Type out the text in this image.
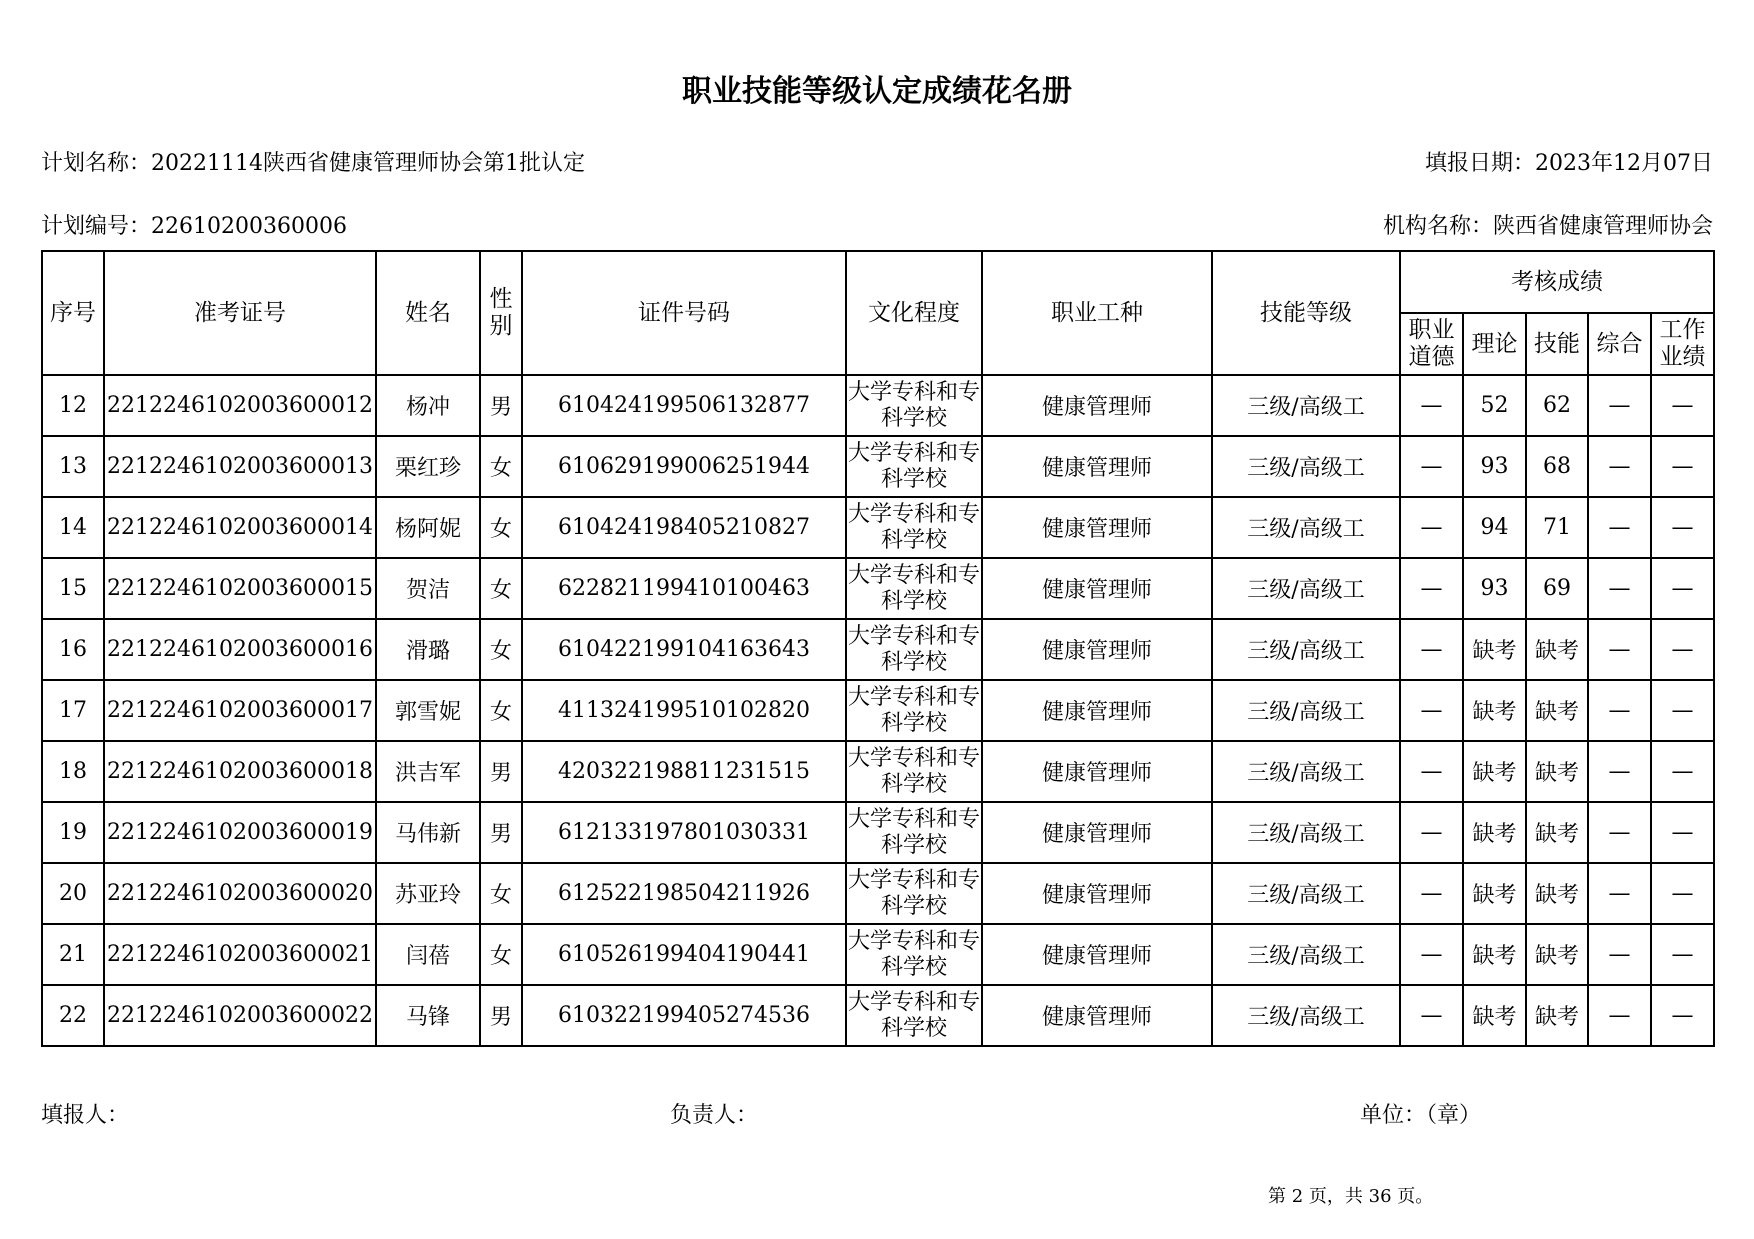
职业技能等级认定成绩花名册
计划名称：20221114陕西省健康管理师协会第1批认定	填报日期：2023年12月07日
计划编号：22610200360006	机构名称：陕西省健康管理师协会
序号	准考证号	姓名	性别	证件号码	文化程度	职业工种	技能等级	考核成绩				

								职业道德	理论	技能	综合	工作业绩

12	2212246102003600012	杨冲	男	610424199506132877	大学专科和专科学校	健康管理师	三级/高级工	—	52	62	—	—
13	2212246102003600013	栗红珍	女	610629199006251944	大学专科和专科学校	健康管理师	三级/高级工	—	93	68	—	—
14	2212246102003600014	杨阿妮	女	610424198405210827	大学专科和专科学校	健康管理师	三级/高级工	—	94	71	—	—
15	2212246102003600015	贺洁	女	622821199410100463	大学专科和专科学校	健康管理师	三级/高级工	—	93	69	—	—
16	2212246102003600016	滑璐	女	610422199104163643	大学专科和专科学校	健康管理师	三级/高级工	—	缺考	缺考	—	—
17	2212246102003600017	郭雪妮	女	411324199510102820	大学专科和专科学校	健康管理师	三级/高级工	—	缺考	缺考	—	—
18	2212246102003600018	洪吉军	男	420322198811231515	大学专科和专科学校	健康管理师	三级/高级工	—	缺考	缺考	—	—
19	2212246102003600019	马伟新	男	612133197801030331	大学专科和专科学校	健康管理师	三级/高级工	—	缺考	缺考	—	—
20	2212246102003600020	苏亚玲	女	612522198504211926	大学专科和专科学校	健康管理师	三级/高级工	—	缺考	缺考	—	—
21	2212246102003600021	闫蓓	女	610526199404190441	大学专科和专科学校	健康管理师	三级/高级工	—	缺考	缺考	—	—
22	2212246102003600022	马锋	男	610322199405274536	大学专科和专科学校	健康管理师	三级/高级工	—	缺考	缺考	—	—
填报人：	负责人：	单位：（章）
第 2 页，共 36 页。
